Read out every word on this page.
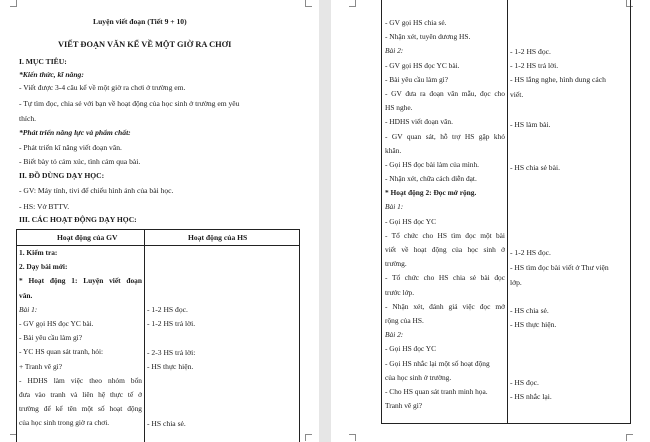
Luyện viết đoạn (Tiết 9 + 10)
VIẾT ĐOẠN VĂN KỂ VỀ MỘT GIỜ RA CHƠI
I. MỤC TIÊU:
*Kiến thức, kĩ năng:
- Viết được 3-4 câu kể về một giờ ra chơi ở trường em.
- Tự tìm đọc, chia sẻ với bạn về hoạt động của học sinh ở trường em yêu
thích.
*Phát triển năng lực và phẩm chất:
- Phát triển kĩ năng viết đoạn văn.
- Biết bày tỏ cảm xúc, tình cảm qua bài.
II. ĐỒ DÙNG DẠY HỌC:
- GV: Máy tính, tivi để chiếu hình ảnh của bài học.
- HS: Vở BTTV.
III. CÁC HOẠT ĐỘNG DẠY HỌC:
Hoạt động của GV	Hoạt động của HS
1. Kiểm tra:
2. Dạy bài mới:
* Hoạt động 1: Luyện viết đoạn
văn.
Bài 1:
- GV gọi HS đọc YC bài.
- Bài yêu cầu làm gì?
- YC HS quan sát tranh, hỏi:
+ Tranh vẽ gì?
- HDHS làm việc theo nhóm bốn
đưa vào tranh và liên hệ thực tế ở
trường để kể tên một số hoạt động
của học sinh trong giờ ra chơi.
- 1-2 HS đọc.
- 1-2 HS trả lời.
- 2-3 HS trả lời:
- HS thực hiện.
- HS chia sẻ.
- GV gọi HS chia sẻ.
- Nhận xét, tuyên dương HS.
Bài 2:
- GV gọi HS đọc YC bài.
- Bài yêu cầu làm gì?
- GV đưa ra đoạn văn mẫu, đọc cho
HS nghe.
- HDHS viết đoạn văn.
- GV quan sát, hỗ trợ HS gặp khó
khăn.
- Gọi HS đọc bài làm của mình.
- Nhận xét, chữa cách diễn đạt.
* Hoạt động 2: Đọc mở rộng.
Bài 1:
- Gọi HS đọc YC
- Tổ chức cho HS tìm đọc một bài
viết về hoạt động của học sinh ở
trường.
- Tổ chức cho HS chia sẻ bài đọc
trước lớp.
- Nhận xét, đánh giá việc đọc mở
rộng của HS.
Bài 2:
- Gọi HS đọc YC
- Gọi HS nhắc lại một số hoạt động
của học sinh ở trường.
- Cho HS quan sát tranh minh họa.
Tranh vẽ gì?
- 1-2 HS đọc.
- 1-2 HS trả lời.
- HS lắng nghe, hình dung cách
viết.
- HS làm bài.
- HS chia sẻ bài.
- 1-2 HS đọc.
- HS tìm đọc bài viết ở Thư viện
lớp.
- HS chia sẻ.
- HS thực hiện.
- HS đọc.
- HS nhắc lại.
